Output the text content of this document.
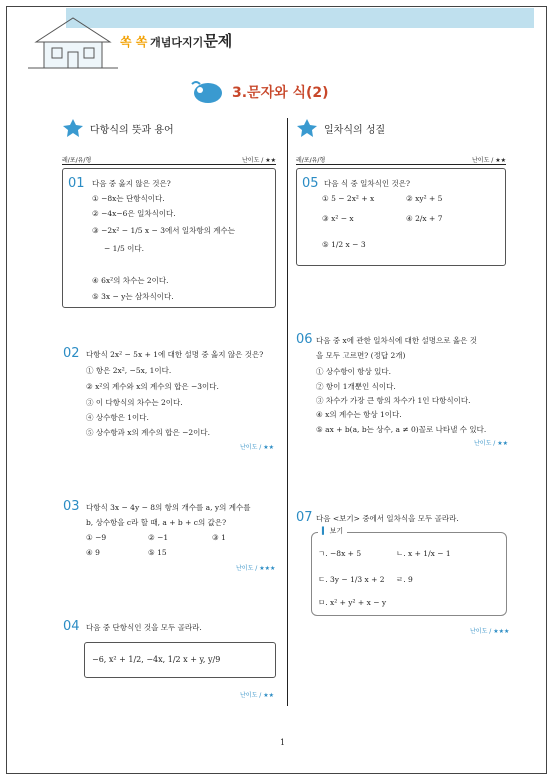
쏙 쏙 개념다지기문제
3.문자와 식(2)
다항식의 뜻과 용어	일차식의 성질
레/포/유/형	난이도 / ★★	레/포/유/형	난이도 / ★★
01 다음 중 옳지 않은 것은?
① −8x는 단항식이다.
② −4x−6은 일차식이다.
③ −2x² − 1/5 x − 3에서 일차항의 계수는
− 1/5 이다.
④ 6x²의 차수는 2이다.
⑤ 3x − y는 삼차식이다.
05 다음 식 중 일차식인 것은?
① 5 − 2x² + x	② xy² + 5
③ x² − x	④ 2/x + 7
⑤ 1/2 x − 3
02 다항식 2x² − 5x + 1에 대한 설명 중 옳지 않은 것은?
① 항은 2x², −5x, 1이다.
② x²의 계수와 x의 계수의 합은 −3이다.
③ 이 다항식의 차수는 2이다.
④ 상수항은 1이다.
⑤ 상수항과 x의 계수의 합은 −2이다.
난이도 / ★★
06 다음 중 x에 관한 일차식에 대한 설명으로 옳은 것
을 모두 고르면? (정답 2개)
① 상수항이 항상 있다.
② 항이 1개뿐인 식이다.
③ 차수가 가장 큰 항의 차수가 1인 다항식이다.
④ x의 계수는 항상 1이다.
⑤ ax + b(a, b는 상수, a ≠ 0)꼴로 나타낼 수 있다.
난이도 / ★★
03 다항식 3x − 4y − 8의 항의 개수를 a, y의 계수를
b, 상수항을 c라 할 때, a + b + c의 값은?
① −9	② −1	③ 1
④ 9	⑤ 15
난이도 / ★★★
07 다음 <보기> 중에서 일차식을 모두 골라라.
▍ 보기
ㄱ. −8x + 5	ㄴ. x + 1/x − 1
ㄷ. 3y − 1/3 x + 2 ㄹ. 9
ㅁ. x² + y² + x − y
난이도 / ★★★
04 다음 중 단항식인 것을 모두 골라라.
−6, x² + 1/2, −4x, 1/2 x + y, y/9
난이도 / ★★
1
